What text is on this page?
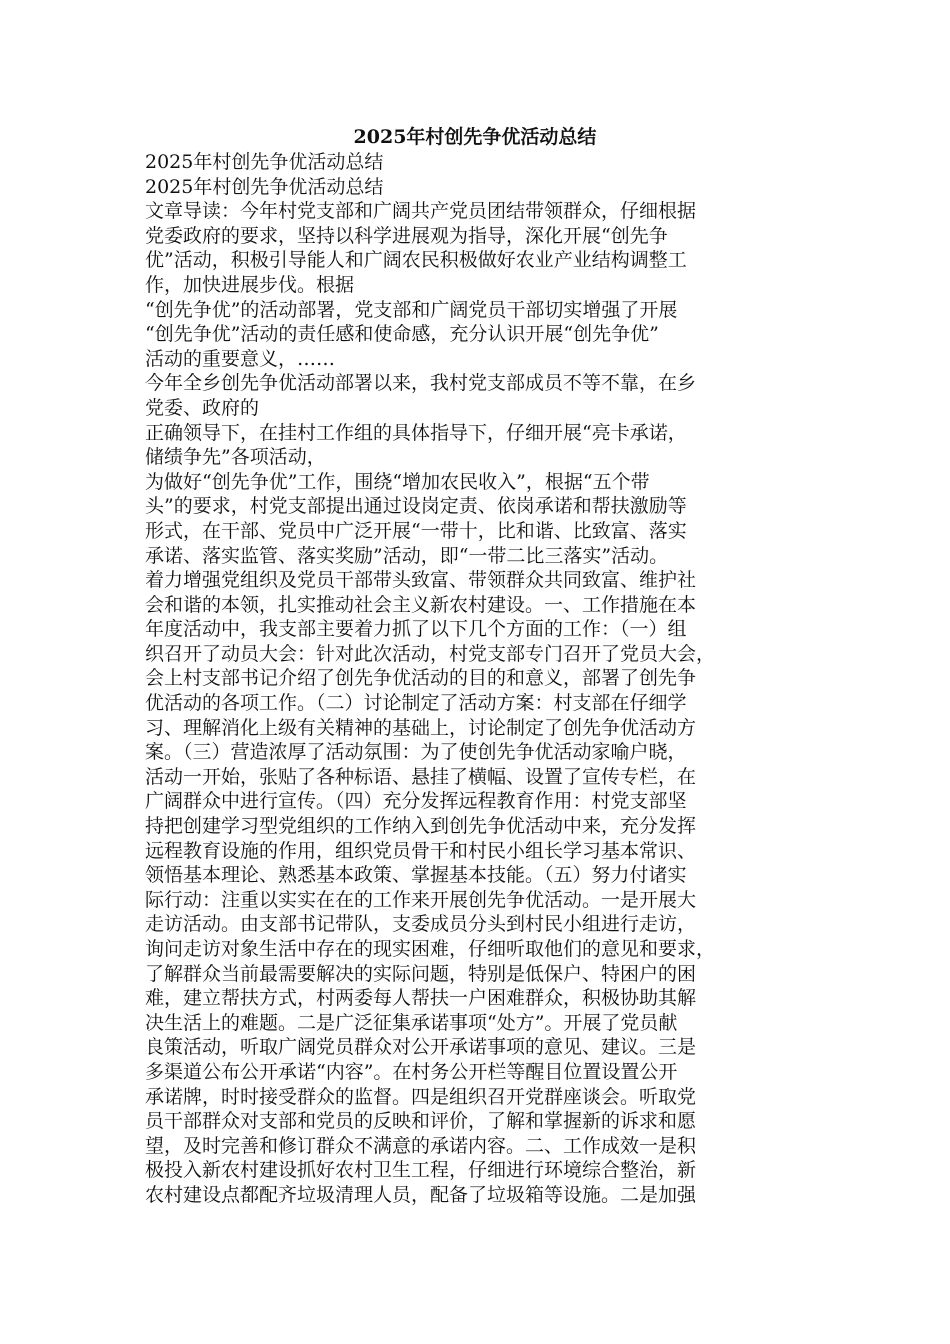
2025年村创先争优活动总结
2025年村创先争优活动总结
2025年村创先争优活动总结
文章导读：今年村党支部和广阔共产党员团结带领群众，仔细根据
党委政府的要求，坚持以科学进展观为指导，深化开展“创先争
优”活动，积极引导能人和广阔农民积极做好农业产业结构调整工
作，加快进展步伐。根据
“创先争优”的活动部署，党支部和广阔党员干部切实增强了开展
“创先争优”活动的责任感和使命感，充分认识开展“创先争优”
活动的重要意义，……
今年全乡创先争优活动部署以来，我村党支部成员不等不靠，在乡
党委、政府的
正确领导下，在挂村工作组的具体指导下，仔细开展“亮卡承诺，
储绩争先”各项活动，
为做好“创先争优”工作，围绕“增加农民收入”，根据“五个带
头”的要求，村党支部提出通过设岗定责、依岗承诺和帮扶激励等
形式，在干部、党员中广泛开展“一带十，比和谐、比致富、落实
承诺、落实监管、落实奖励”活动，即“一带二比三落实”活动。
着力增强党组织及党员干部带头致富、带领群众共同致富、维护社
会和谐的本领，扎实推动社会主义新农村建设。一、工作措施在本
年度活动中，我支部主要着力抓了以下几个方面的工作：（一）组
织召开了动员大会：针对此次活动，村党支部专门召开了党员大会，
会上村支部书记介绍了创先争优活动的目的和意义，部署了创先争
优活动的各项工作。（二）讨论制定了活动方案：村支部在仔细学
习、理解消化上级有关精神的基础上，讨论制定了创先争优活动方
案。（三）营造浓厚了活动氛围：为了使创先争优活动家喻户晓，
活动一开始，张贴了各种标语、悬挂了横幅、设置了宣传专栏，在
广阔群众中进行宣传。（四）充分发挥远程教育作用：村党支部坚
持把创建学习型党组织的工作纳入到创先争优活动中来，充分发挥
远程教育设施的作用，组织党员骨干和村民小组长学习基本常识、
领悟基本理论、熟悉基本政策、掌握基本技能。（五）努力付诸实
际行动：注重以实实在在的工作来开展创先争优活动。一是开展大
走访活动。由支部书记带队，支委成员分头到村民小组进行走访，
询问走访对象生活中存在的现实困难，仔细听取他们的意见和要求，
了解群众当前最需要解决的实际问题，特别是低保户、特困户的困
难，建立帮扶方式，村两委每人帮扶一户困难群众，积极协助其解
决生活上的难题。二是广泛征集承诺事项“处方”。开展了党员献
良策活动，听取广阔党员群众对公开承诺事项的意见、建议。三是
多渠道公布公开承诺“内容”。在村务公开栏等醒目位置设置公开
承诺牌，时时接受群众的监督。四是组织召开党群座谈会。听取党
员干部群众对支部和党员的反映和评价，了解和掌握新的诉求和愿
望，及时完善和修订群众不满意的承诺内容。二、工作成效一是积
极投入新农村建设抓好农村卫生工程，仔细进行环境综合整治，新
农村建设点都配齐垃圾清理人员，配备了垃圾箱等设施。二是加强
